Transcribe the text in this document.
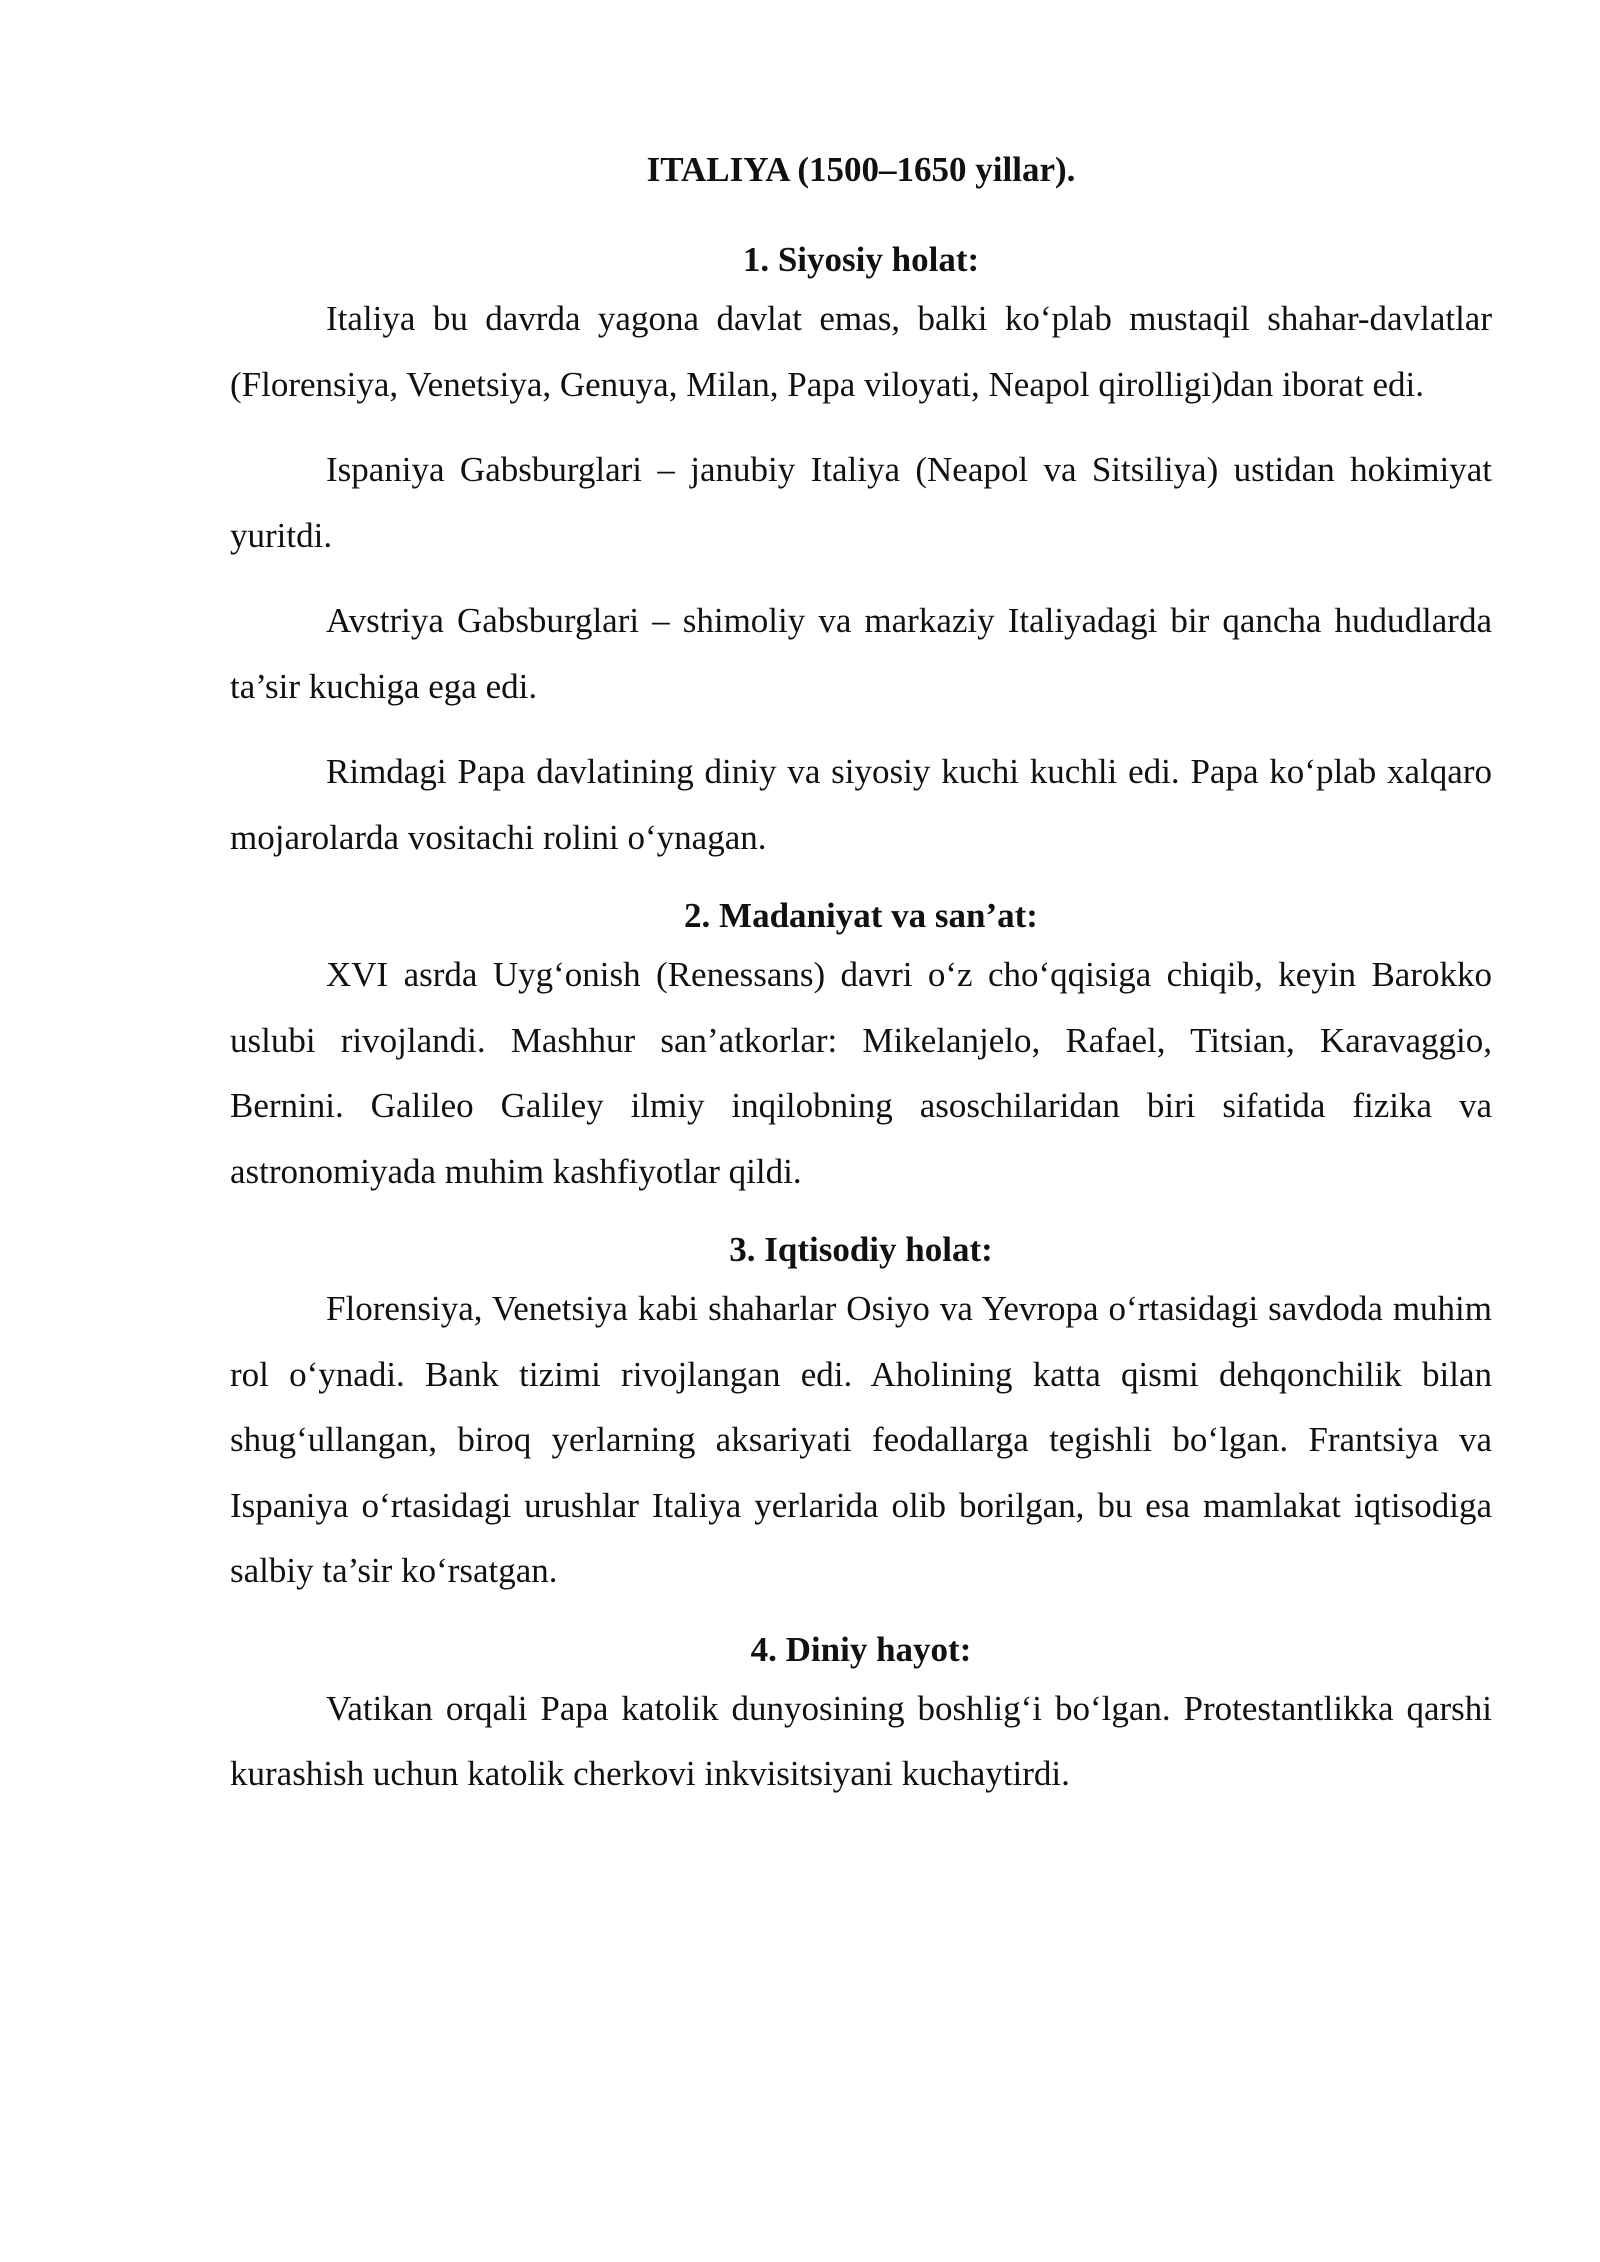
ITALIYA (1500–1650 yillar).
1. Siyosiy holat:

Italiya bu davrda yagona davlat emas, balki ko‘plab mustaqil shahar-davlatlar (Florensiya, Venetsiya, Genuya, Milan, Papa viloyati, Neapol qirolligi)dan iborat edi.

Ispaniya Gabsburglari – janubiy Italiya (Neapol va Sitsiliya) ustidan hokimiyat yuritdi.

Avstriya Gabsburglari – shimoliy va markaziy Italiyadagi bir qancha hududlarda ta’sir kuchiga ega edi.

Rimdagi Papa davlatining diniy va siyosiy kuchi kuchli edi. Papa ko‘plab xalqaro mojarolarda vositachi rolini o‘ynagan.

2. Madaniyat va san’at:

XVI asrda Uyg‘onish (Renessans) davri o‘z cho‘qqisiga chiqib, keyin Barokko uslubi rivojlandi. Mashhur san’atkorlar: Mikelanjelo, Rafael, Titsian, Karavaggio, Bernini. Galileo Galiley ilmiy inqilobning asoschilaridan biri sifatida fizika va astronomiyada muhim kashfiyotlar qildi.

3. Iqtisodiy holat:

Florensiya, Venetsiya kabi shaharlar Osiyo va Yevropa o‘rtasidagi savdoda muhim rol o‘ynadi. Bank tizimi rivojlangan edi. Aholining katta qismi dehqonchilik bilan shug‘ullangan, biroq yerlarning aksariyati feodallarga tegishli bo‘lgan. Frantsiya va Ispaniya o‘rtasidagi urushlar Italiya yerlarida olib borilgan, bu esa mamlakat iqtisodiga salbiy ta’sir ko‘rsatgan.

4. Diniy hayot:

Vatikan orqali Papa katolik dunyosining boshlig‘i bo‘lgan. Protestantlikka qarshi kurashish uchun katolik cherkovi inkvisitsiyani kuchaytirdi.
